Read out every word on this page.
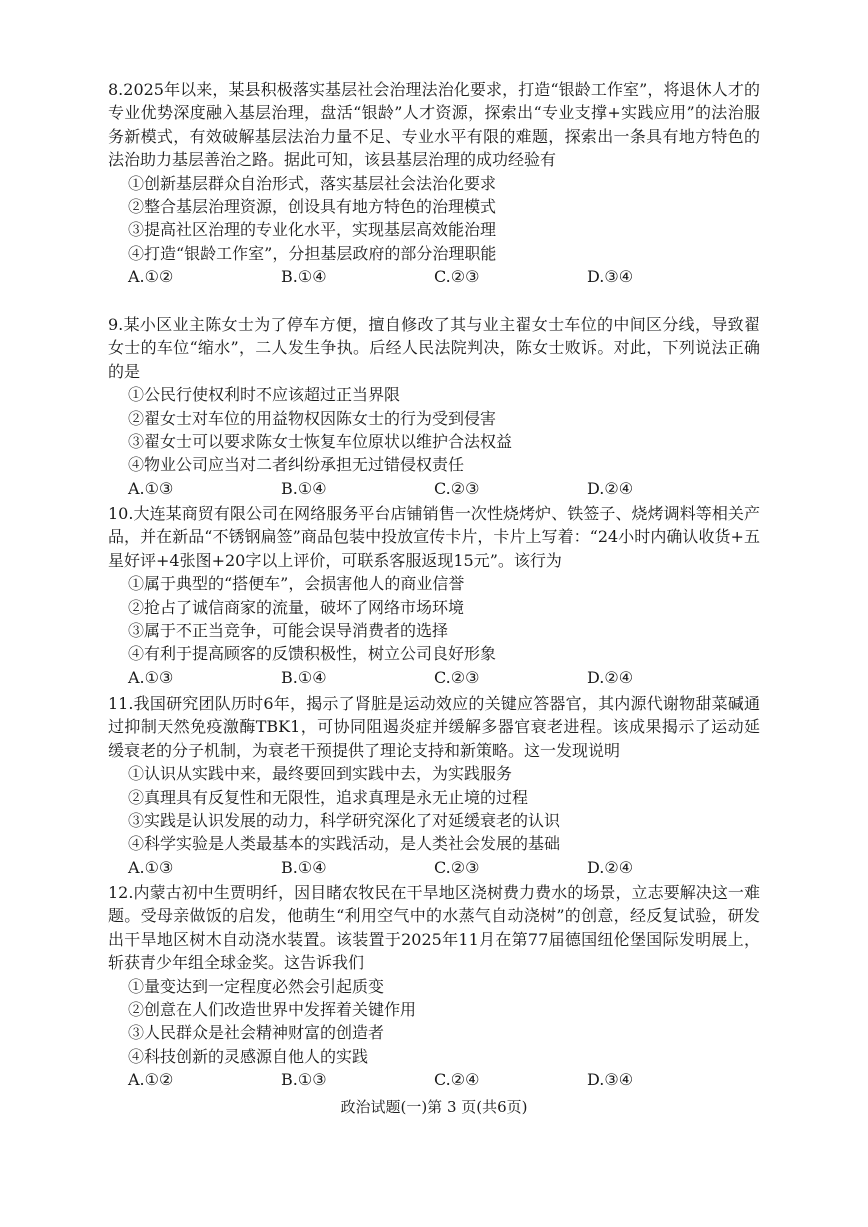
8.2025年以来，某县积极落实基层社会治理法治化要求，打造“银龄工作室”，将退休人才的专业优势深度融入基层治理，盘活“银龄”人才资源，探索出“专业支撑+实践应用”的法治服务新模式，有效破解基层法治力量不足、专业水平有限的难题，探索出一条具有地方特色的法治助力基层善治之路。据此可知，该县基层治理的成功经验有

①创新基层群众自治形式，落实基层社会法治化要求

②整合基层治理资源，创设具有地方特色的治理模式

③提高社区治理的专业化水平，实现基层高效能治理

④打造“银龄工作室”，分担基层政府的部分治理职能

A.①②	B.①④	C.②③	D.③④

9.某小区业主陈女士为了停车方便，擅自修改了其与业主翟女士车位的中间区分线，导致翟女士的车位“缩水”，二人发生争执。后经人民法院判决，陈女士败诉。对此，下列说法正确的是

①公民行使权利时不应该超过正当界限

②翟女士对车位的用益物权因陈女士的行为受到侵害

③翟女士可以要求陈女士恢复车位原状以维护合法权益

④物业公司应当对二者纠纷承担无过错侵权责任

A.①③	B.①④	C.②③	D.②④

10.大连某商贸有限公司在网络服务平台店铺销售一次性烧烤炉、铁签子、烧烤调料等相关产品，并在新品“不锈钢扁签”商品包装中投放宣传卡片，卡片上写着：“24小时内确认收货+五星好评+4张图+20字以上评价，可联系客服返现15元”。该行为

①属于典型的“搭便车”，会损害他人的商业信誉

②抢占了诚信商家的流量，破坏了网络市场环境

③属于不正当竞争，可能会误导消费者的选择

④有利于提高顾客的反馈积极性，树立公司良好形象

A.①③	B.①④	C.②③	D.②④

11.我国研究团队历时6年，揭示了肾脏是运动效应的关键应答器官，其内源代谢物甜菜碱通过抑制天然免疫激酶TBK1，可协同阻遏炎症并缓解多器官衰老进程。该成果揭示了运动延缓衰老的分子机制，为衰老干预提供了理论支持和新策略。这一发现说明

①认识从实践中来，最终要回到实践中去，为实践服务

②真理具有反复性和无限性，追求真理是永无止境的过程

③实践是认识发展的动力，科学研究深化了对延缓衰老的认识

④科学实验是人类最基本的实践活动，是人类社会发展的基础

A.①③	B.①④	C.②③	D.②④

12.内蒙古初中生贾明纤，因目睹农牧民在干旱地区浇树费力费水的场景，立志要解决这一难题。受母亲做饭的启发，他萌生“利用空气中的水蒸气自动浇树”的创意，经反复试验，研发出干旱地区树木自动浇水装置。该装置于2025年11月在第77届德国纽伦堡国际发明展上，斩获青少年组全球金奖。这告诉我们

①量变达到一定程度必然会引起质变

②创意在人们改造世界中发挥着关键作用

③人民群众是社会精神财富的创造者

④科技创新的灵感源自他人的实践

A.①②	B.①③	C.②④	D.③④
政治试题(一)第 3 页(共6页)
